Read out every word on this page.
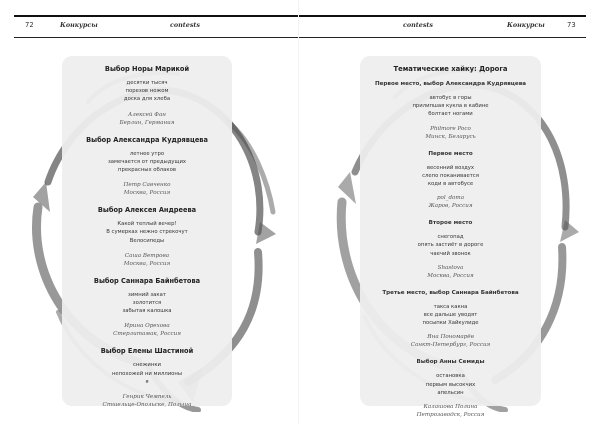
72	Конкурсы	contests	contests	Конкурсы	73
Выбор Норы Марикой
десятки тысяч
порезов ножом
доска для хлеба
Алексей Фан
Берлин, Германия
Выбор Александра Кудрявцева
летнее утро
замечается от предыдущих
прекрасных облаков
Петр Савченко
Москва, Россия
Выбор Алексея Андреева
Какой теплый вечер!
В сумерках нежно стрекочут
Велосипеды
Саша Ветрова
Москва, Россия
Выбор Саннарa Байнбетова
зимний закат
золотится
забытая калошка
Ирина Орехова
Стерлитамак, Россия
Выбор Елены Шастиной
снежинки
непохожей ни миллионы
я
Генрик Чемпель
Стшельце-Опольске, Польша
Тематические хайку: Дорога
Первое место, выбор Александра Кудрявцева
автобус в горы
прилипшая кукла в кабине
болтает ногами
Philmore Poco
Минск, Беларусь
Первое место
весенний воздух
слепо поканивается
коди в автобусе
pol_doma
Жаров, Россия
Второе место
снегопад
опять застиёт в дороге
чаечий звонок
Shastova
Москва, Россия
Третье место, выбор Саннарa Байнбетова
такса какна
все дальше уводят
посыпки Хайкулиде
Яна Пономарёв
Санкт-Петербург, Россия
Выбор Анны Семиды
остановка
первым высокчих
апельсин
Калашова Полина
Петрозаводск, Россия
